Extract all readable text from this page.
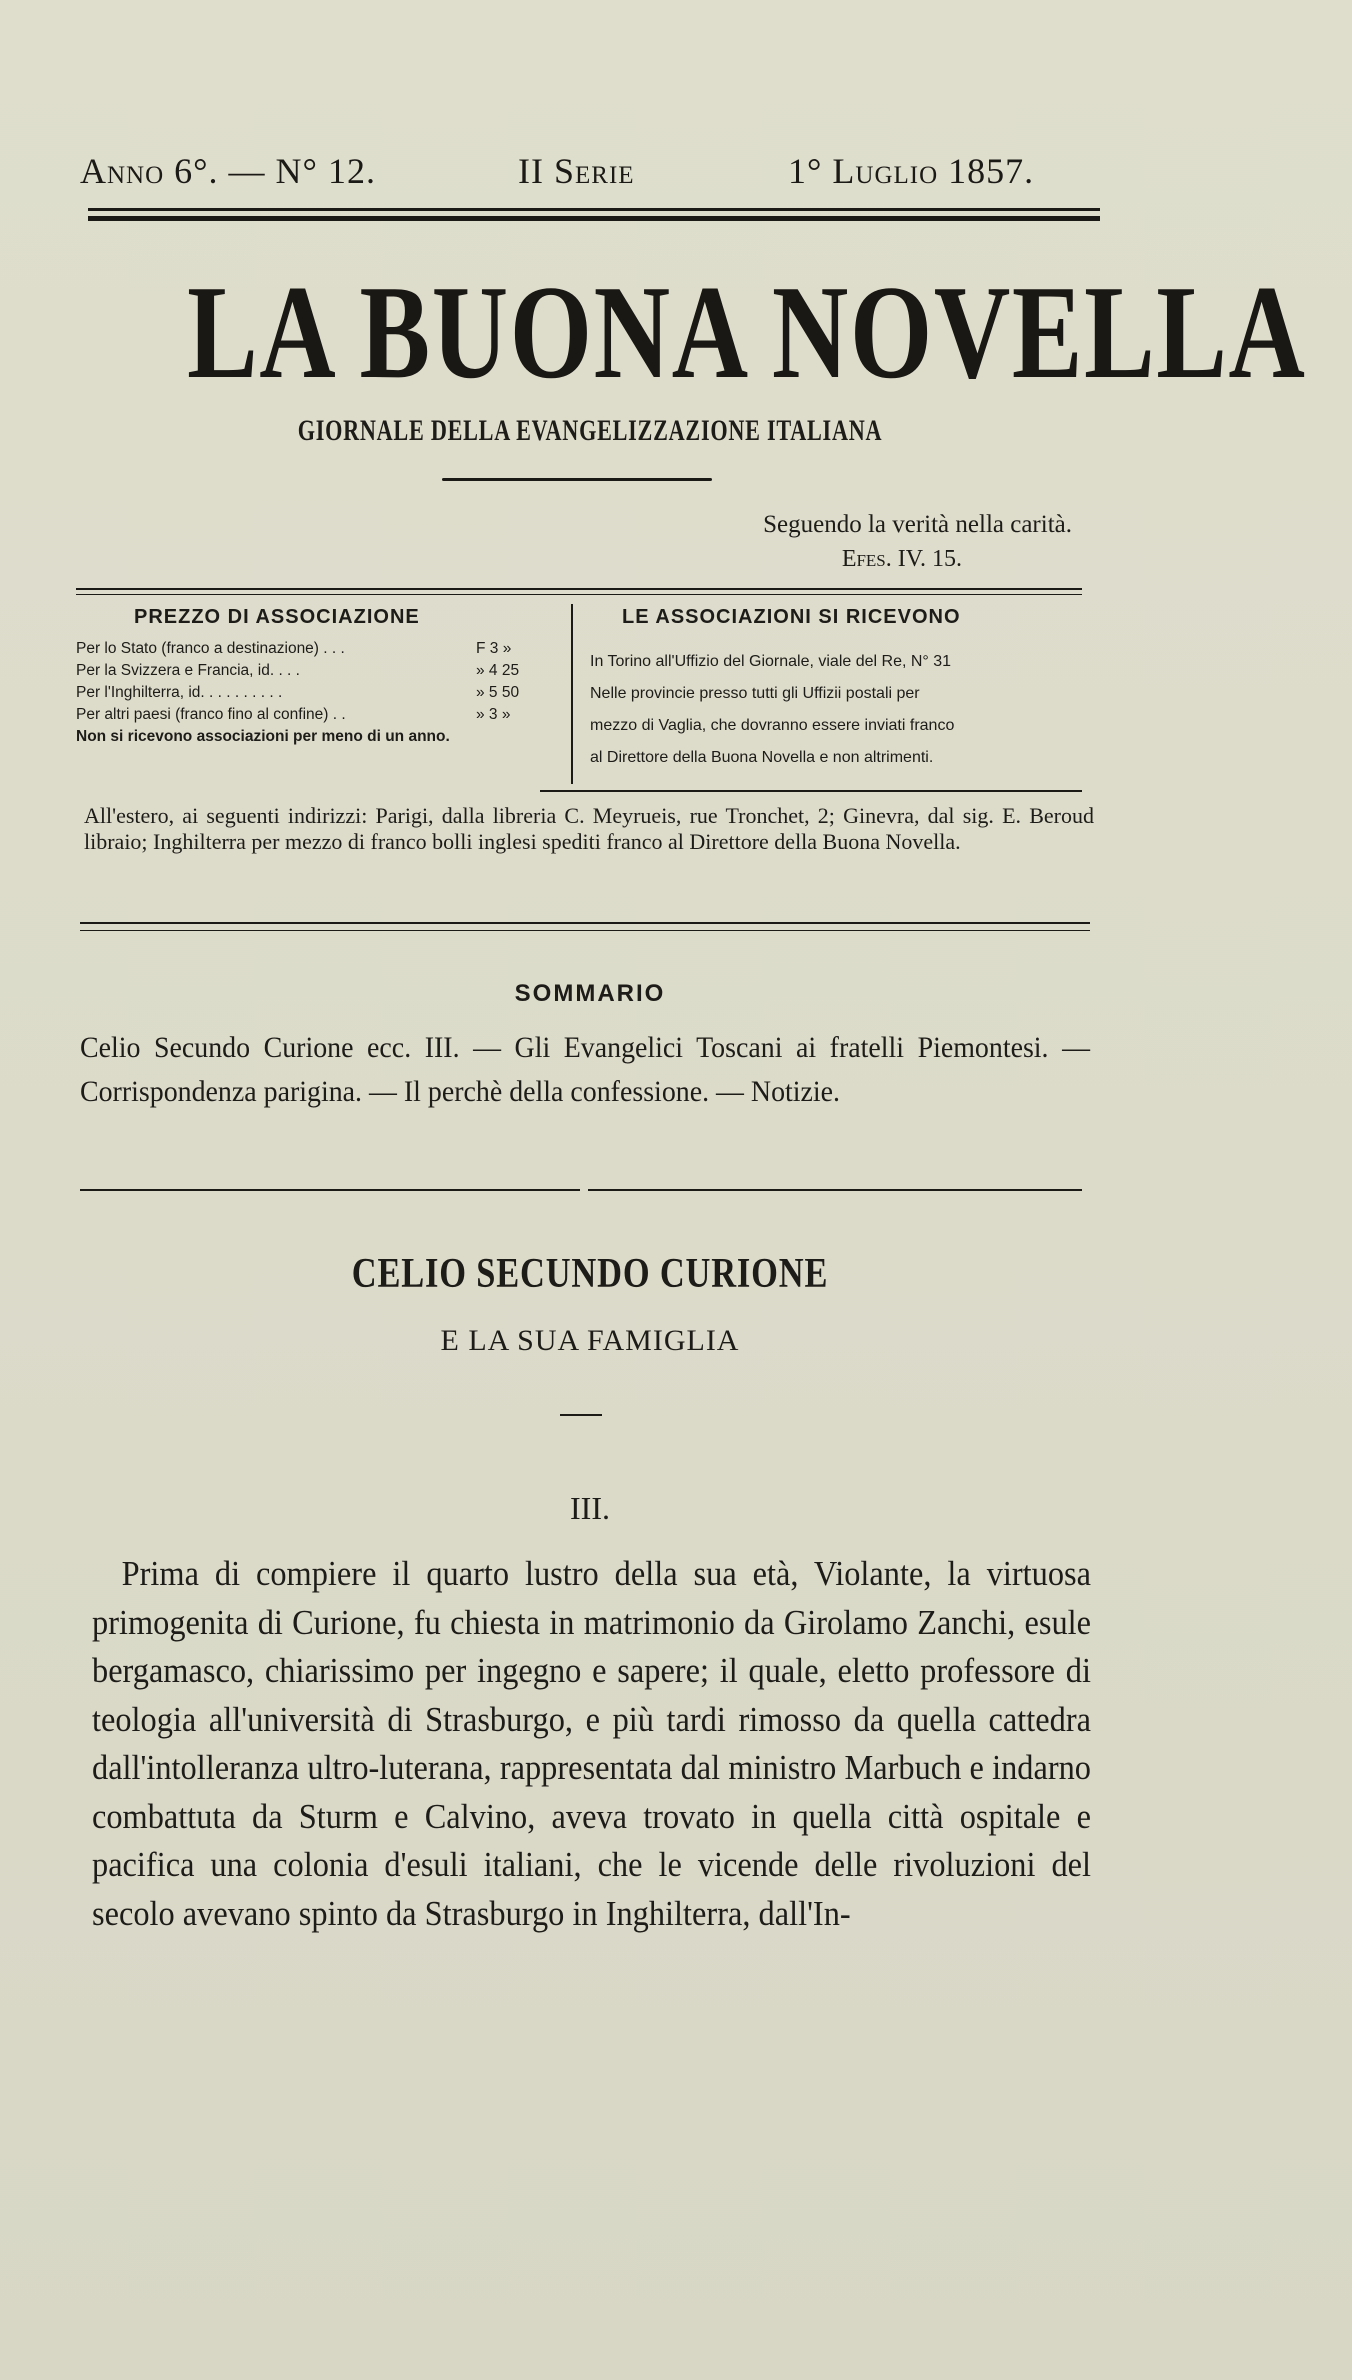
Anno 6°. — N° 12.	II Serie	1° Luglio 1857.
LA BUONA NOVELLA
GIORNALE DELLA EVANGELIZZAZIONE ITALIANA
Seguendo la verità nella carità.
Efes. IV. 15.
PREZZO DI ASSOCIAZIONE
Per lo Stato (franco a destinazione) . . .	F 3 »
Per la Svizzera e Francia, id. . . .	» 4 25
Per l'Inghilterra, id. . . . . . . . . .	» 5 50
Per altri paesi (franco fino al confine) . .	» 3 »
Non si ricevono associazioni per meno di un anno.
LE ASSOCIAZIONI SI RICEVONO

In Torino all'Uffizio del Giornale, viale del Re, N° 31

Nelle provincie presso tutti gli Uffizii postali per

mezzo di Vaglia, che dovranno essere inviati franco

al Direttore della Buona Novella e non altrimenti.

All'estero, ai seguenti indirizzi: Parigi, dalla libreria C. Meyrueis, rue Tronchet, 2; Ginevra, dal sig. E. Beroud libraio; Inghilterra per mezzo di franco bolli inglesi spediti franco al Direttore della Buona Novella.
SOMMARIO
Celio Secundo Curione ecc. III. — Gli Evangelici Toscani ai fratelli Piemontesi. — Corrispondenza parigina. — Il perchè della confessione. — Notizie.
CELIO SECUNDO CURIONE
E LA SUA FAMIGLIA
III.

Prima di compiere il quarto lustro della sua età, Violante, la virtuosa primogenita di Curione, fu chiesta in matrimonio da Girolamo Zanchi, esule bergamasco, chiarissimo per ingegno e sapere; il quale, eletto professore di teologia all'università di Strasburgo, e più tardi rimosso da quella cattedra dall'intolleranza ultro-luterana, rappresentata dal ministro Marbuch e indarno combattuta da Sturm e Calvino, aveva trovato in quella città ospitale e pacifica una colonia d'esuli italiani, che le vicende delle rivoluzioni del secolo avevano spinto da Strasburgo in Inghilterra, dall'In-
